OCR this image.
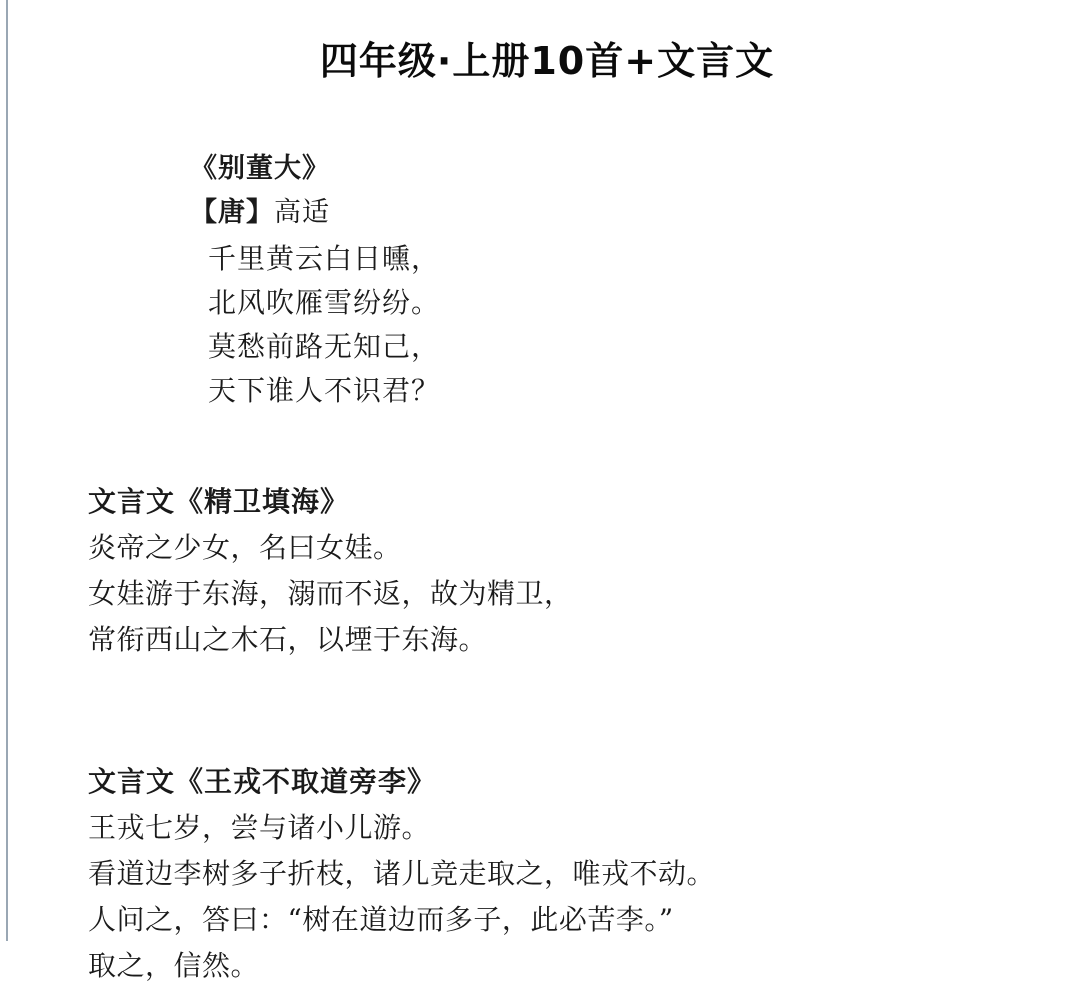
四年级·上册10首+文言文
《别董大》
【唐】高适
千里黄云白日曛，
北风吹雁雪纷纷。
莫愁前路无知己，
天下谁人不识君？
文言文《精卫填海》
炎帝之少女，名曰女娃。
女娃游于东海，溺而不返，故为精卫，
常衔西山之木石，以堙于东海。
文言文《王戎不取道旁李》
王戎七岁，尝与诸小儿游。
看道边李树多子折枝，诸儿竞走取之，唯戎不动。
人问之，答曰：“树在道边而多子，此必苦李。”
取之，信然。
